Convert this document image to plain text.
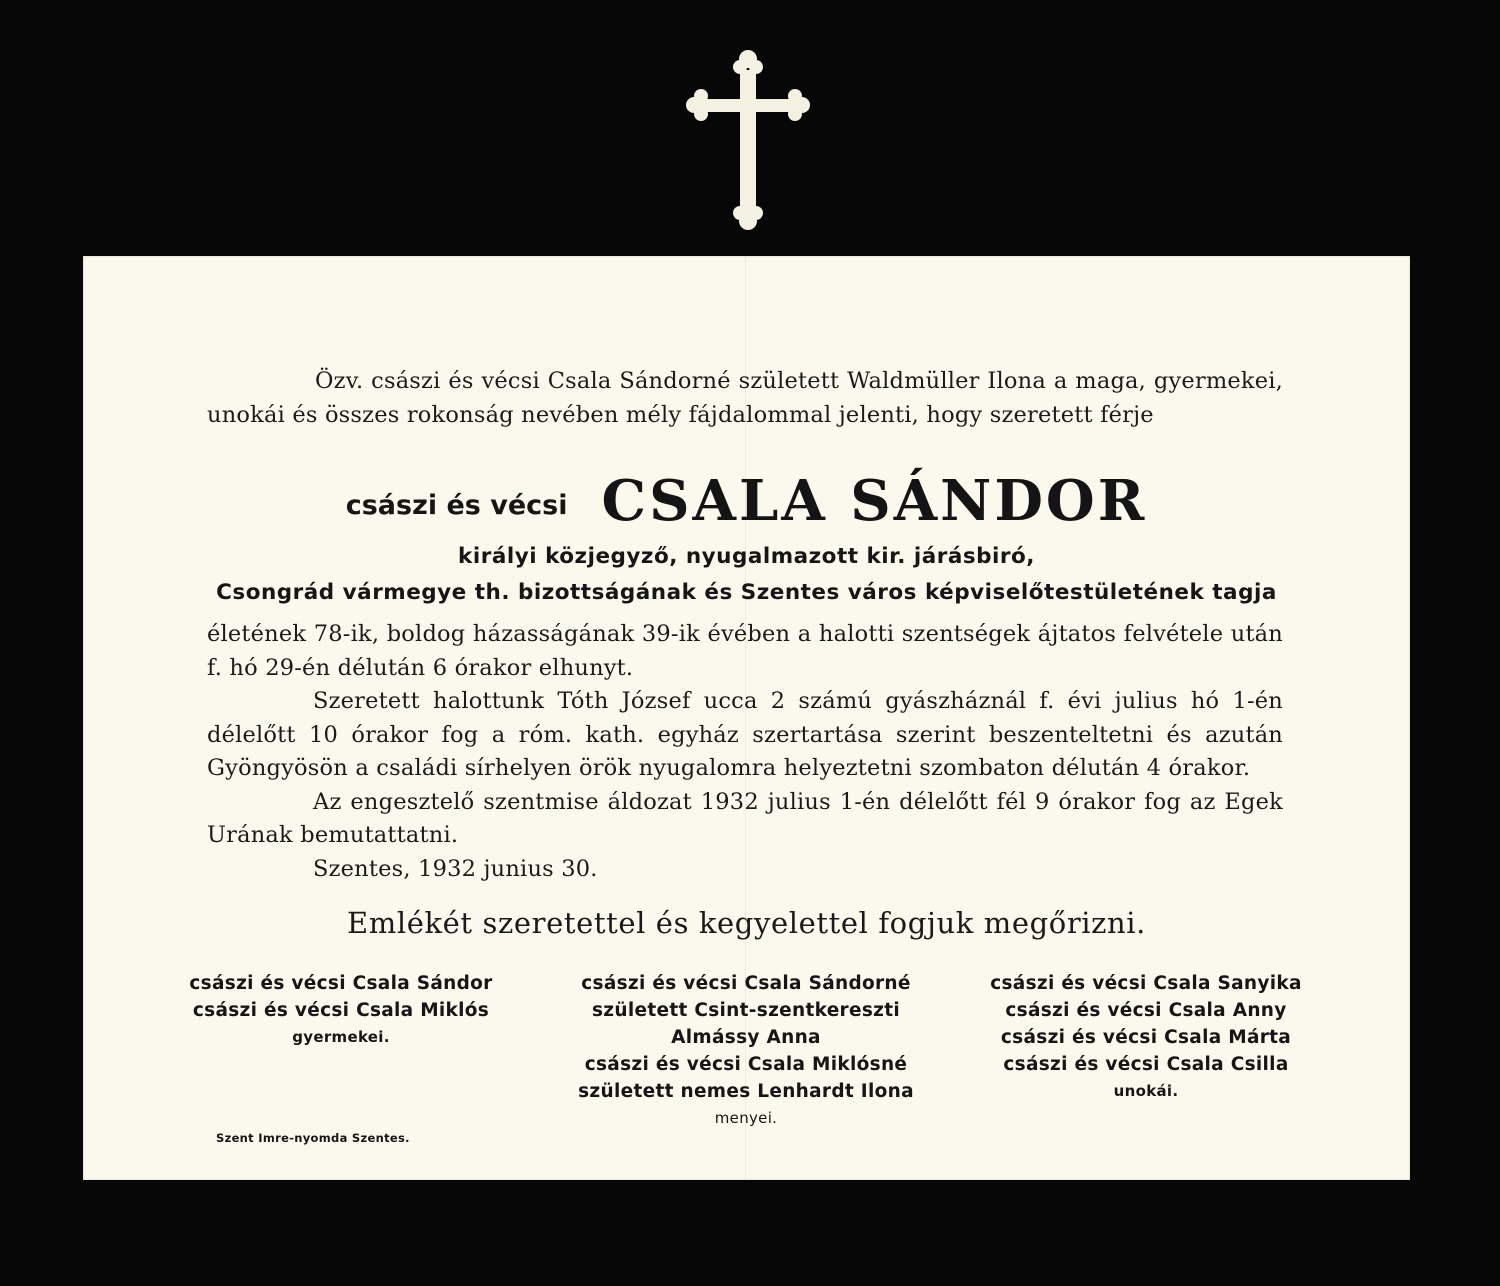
Özv. császi és vécsi Csala Sándorné született Waldmüller Ilona a maga, gyermekei, unokái és összes rokonság nevében mély fájdalommal jelenti, hogy szeretett férje

császi és vécsi CSALA SÁNDOR
királyi közjegyző, nyugalmazott kir. járásbiró,
Csongrád vármegye th. bizottságának és Szentes város képviselőtestületének tagja

életének 78-ik, boldog házasságának 39-ik évében a halotti szentségek ájtatos felvétele után f. hó 29-én délután 6 órakor elhunyt.

Szeretett halottunk Tóth József ucca 2 számú gyászháznál f. évi julius hó 1-én délelőtt 10 órakor fog a róm. kath. egyház szertartása szerint beszenteltetni és azután Gyöngyösön a családi sírhelyen örök nyugalomra helyeztetni szombaton délután 4 órakor.

Az engesztelő szentmise áldozat 1932 julius 1-én délelőtt fél 9 órakor fog az Egek Urának bemutattatni.

Szentes, 1932 junius 30.

Emlékét szeretettel és kegyelettel fogjuk megőrizni.

császi és vécsi Csala Sándor
császi és vécsi Csala Miklós
gyermekei.
császi és vécsi Csala Sándorné
született Csint-szentkereszti
Almássy Anna
császi és vécsi Csala Miklósné
született nemes Lenhardt Ilona
menyei.
császi és vécsi Csala Sanyika
császi és vécsi Csala Anny
császi és vécsi Csala Márta
császi és vécsi Csala Csilla
unokái.
Szent Imre-nyomda Szentes.
